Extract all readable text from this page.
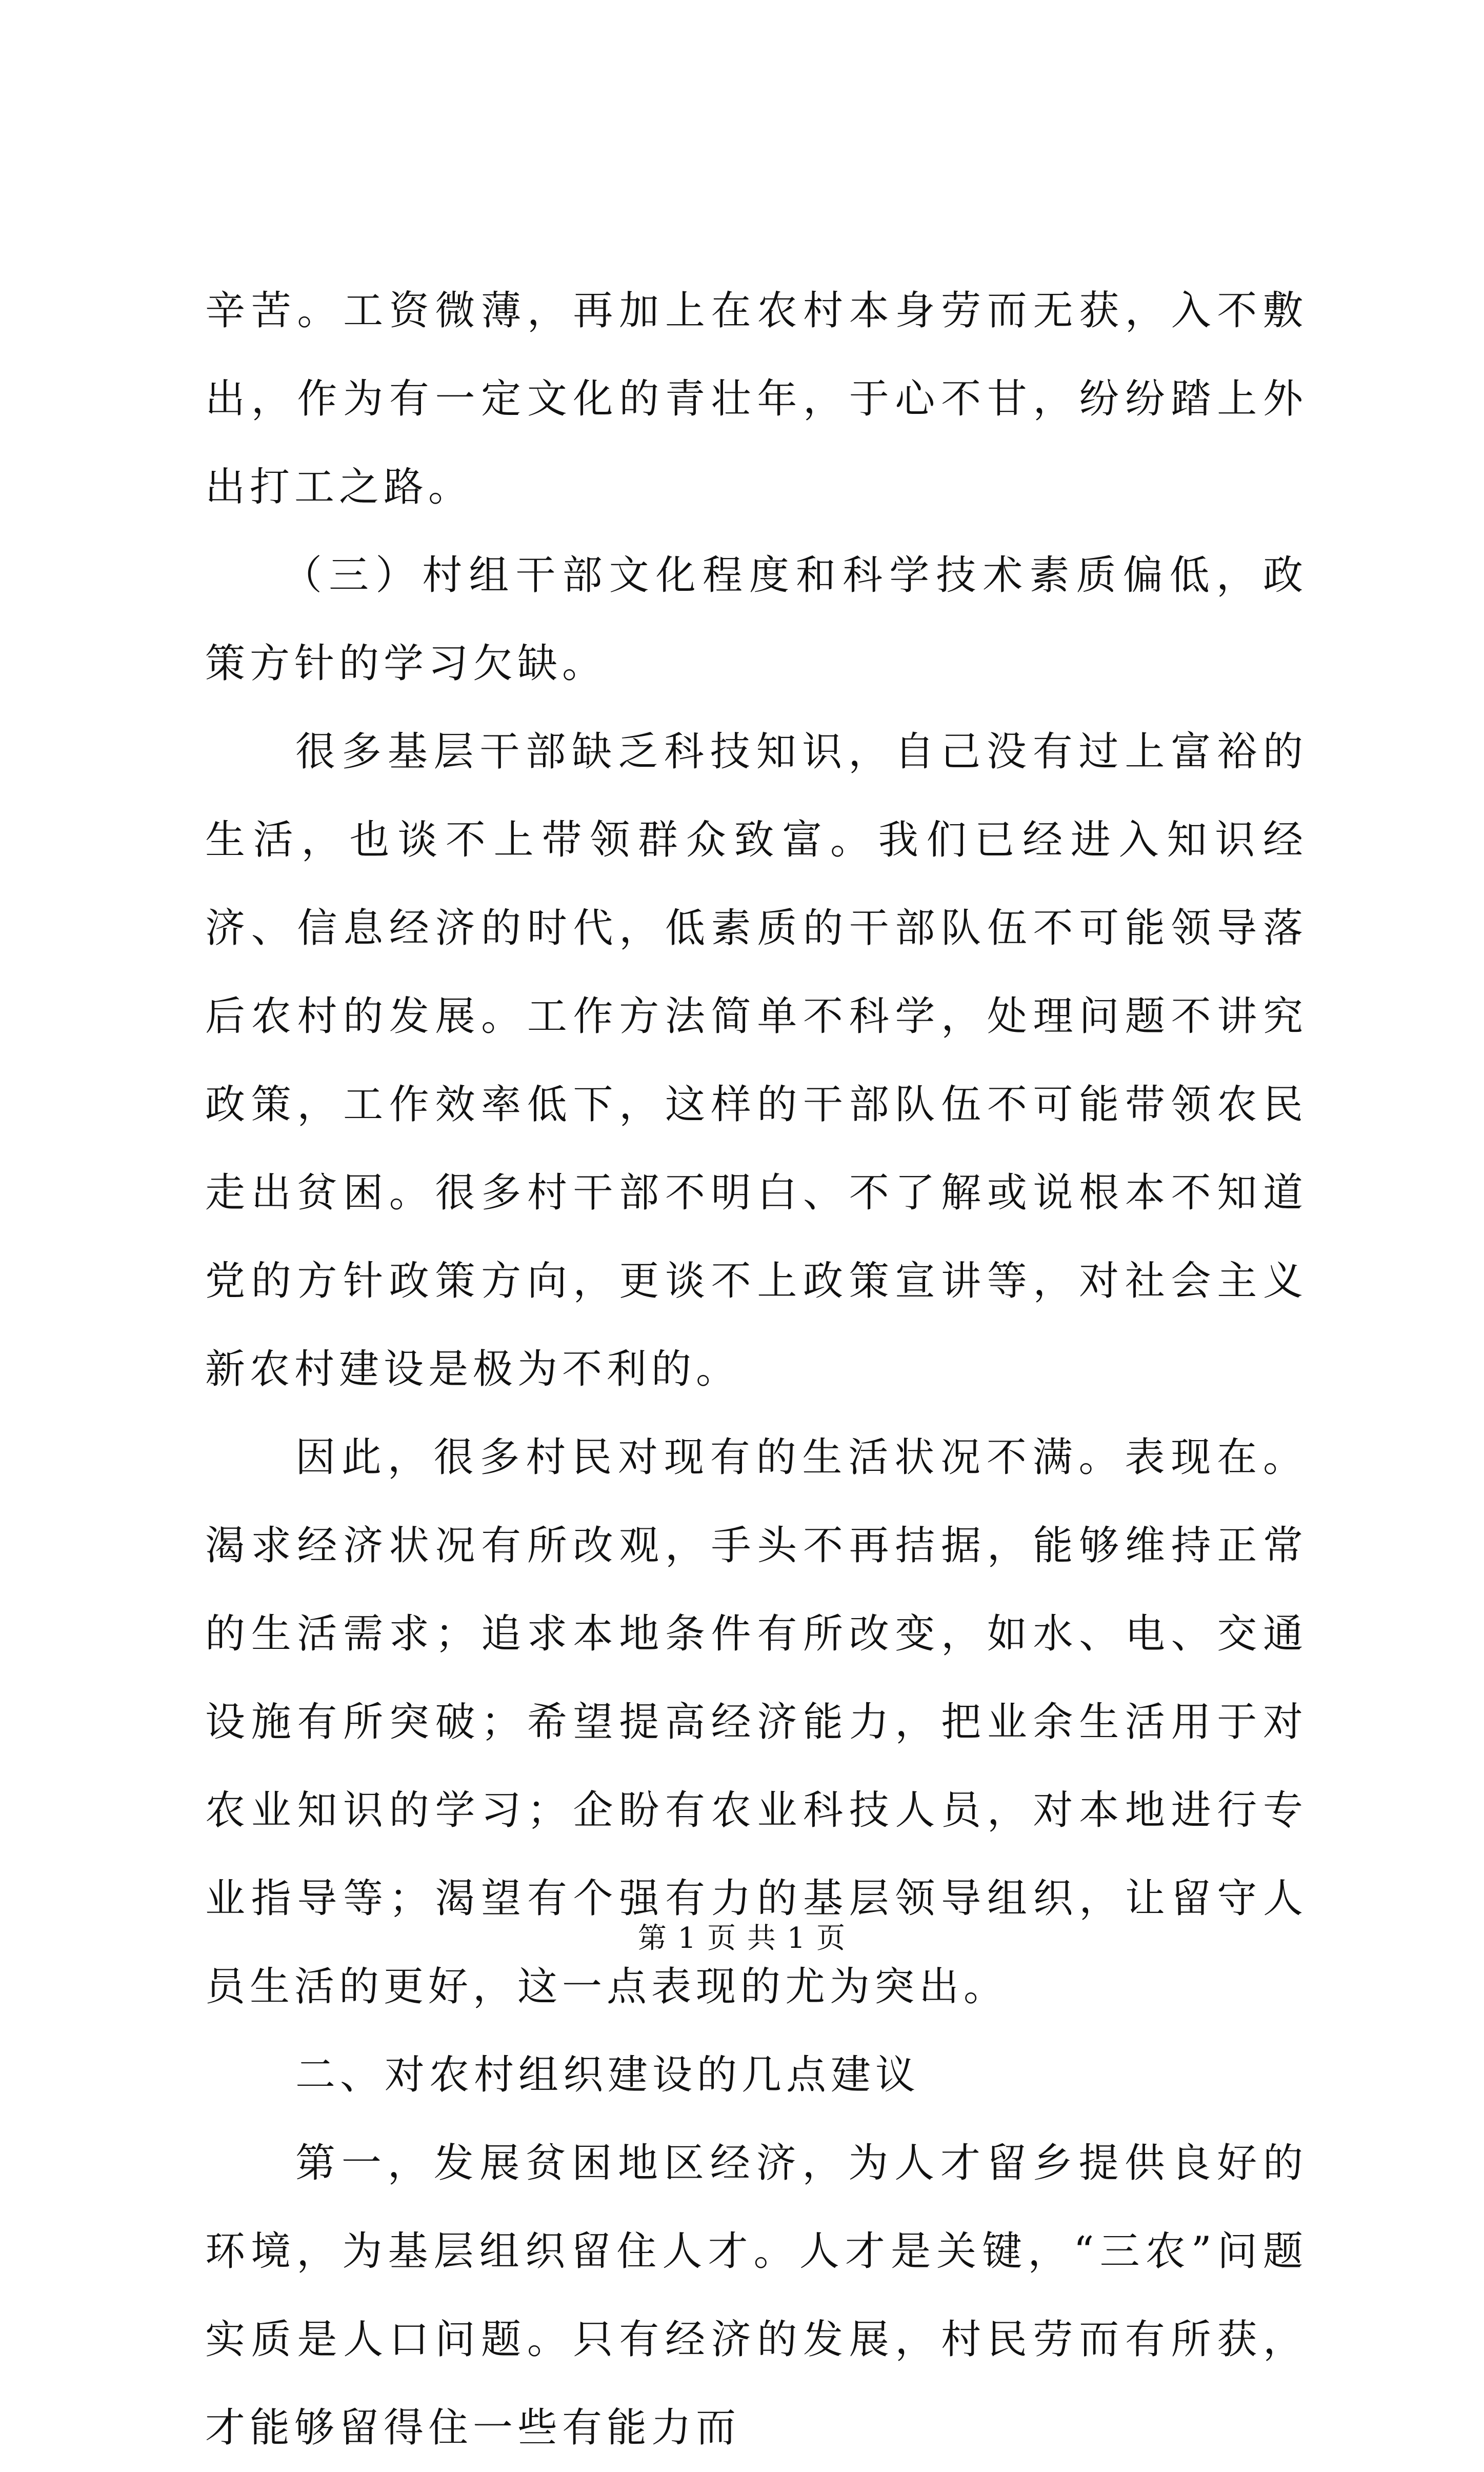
辛苦。工资微薄，再加上在农村本身劳而无获，入不敷出，作为有一定文化的青壮年，于心不甘，纷纷踏上外出打工之路。

（三）村组干部文化程度和科学技术素质偏低，政策方针的学习欠缺。

很多基层干部缺乏科技知识，自己没有过上富裕的生活，也谈不上带领群众致富。我们已经进入知识经济、信息经济的时代，低素质的干部队伍不可能领导落后农村的发展。工作方法简单不科学，处理问题不讲究政策，工作效率低下，这样的干部队伍不可能带领农民走出贫困。很多村干部不明白、不了解或说根本不知道党的方针政策方向，更谈不上政策宣讲等，对社会主义新农村建设是极为不利的。

因此，很多村民对现有的生活状况不满。表现在。渴求经济状况有所改观，手头不再拮据，能够维持正常的生活需求；追求本地条件有所改变，如水、电、交通设施有所突破；希望提高经济能力，把业余生活用于对农业知识的学习；企盼有农业科技人员，对本地进行专业指导等；渴望有个强有力的基层领导组织，让留守人员生活的更好，这一点表现的尤为突出。

二、对农村组织建设的几点建议

第一，发展贫困地区经济，为人才留乡提供良好的环境，为基层组织留住人才。人才是关键，“三农”问题实质是人口问题。只有经济的发展，村民劳而有所获，才能够留得住一些有能力而

第 1 页 共 1 页
